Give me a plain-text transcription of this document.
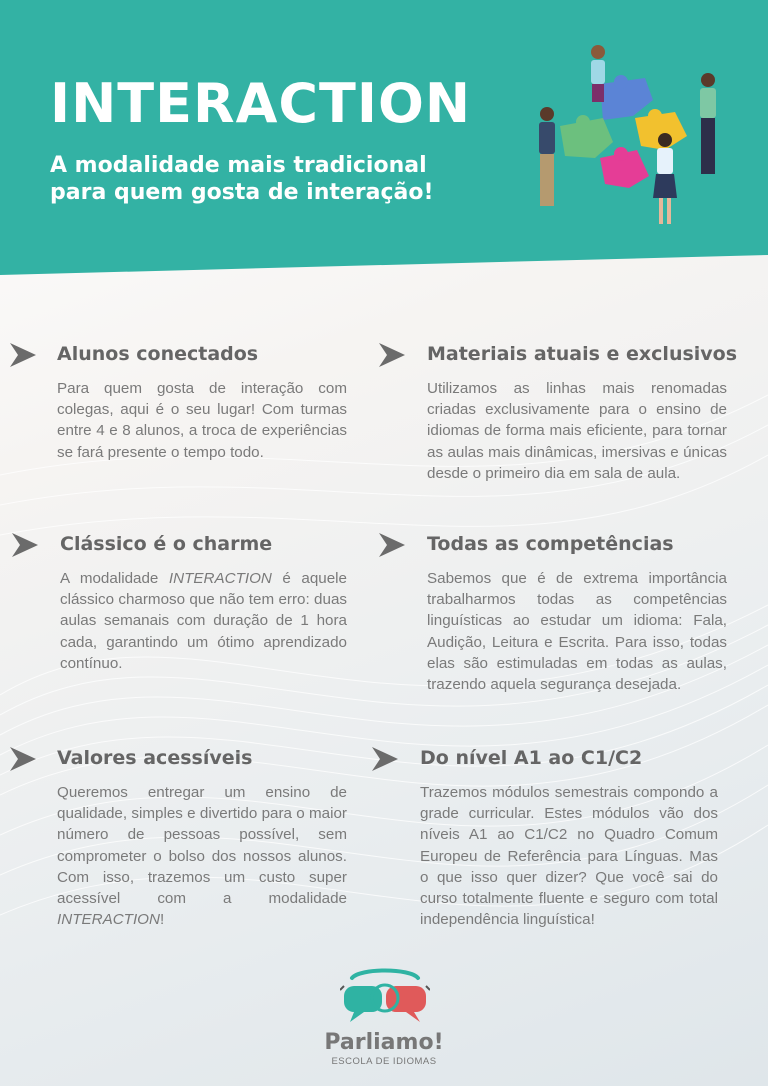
INTERACTION
A modalidade mais tradicional
para quem gosta de interação!
Alunos conectados
Para quem gosta de interação com colegas, aqui é o seu lugar! Com turmas entre 4 e 8 alunos, a troca de experiências se fará presente o tempo todo.
Materiais atuais e exclusivos
Utilizamos as linhas mais renomadas criadas exclusivamente para o ensino de idiomas de forma mais eficiente, para tornar as aulas mais dinâmicas, imersivas e únicas desde o primeiro dia em sala de aula.
Clássico é o charme
A modalidade INTERACTION é aquele clássico charmoso que não tem erro: duas aulas semanais com duração de 1 hora cada, garantindo um ótimo aprendizado contínuo.
Todas as competências
Sabemos que é de extrema importância trabalharmos todas as competências linguísticas ao estudar um idioma: Fala, Audição, Leitura e Escrita. Para isso, todas elas são estimuladas em todas as aulas, trazendo aquela segurança desejada.
Valores acessíveis
Queremos entregar um ensino de qualidade, simples e divertido para o maior número de pessoas possível, sem comprometer o bolso dos nossos alunos. Com isso, trazemos um custo super acessível com a modalidade INTERACTION!
Do nível A1 ao C1/C2
Trazemos módulos semestrais compondo a grade curricular. Estes módulos vão dos níveis A1 ao C1/C2 no Quadro Comum Europeu de Referência para Línguas. Mas o que isso quer dizer? Que você sai do curso totalmente fluente e seguro com total independência linguística!
Parliamo!
ESCOLA DE IDIOMAS
